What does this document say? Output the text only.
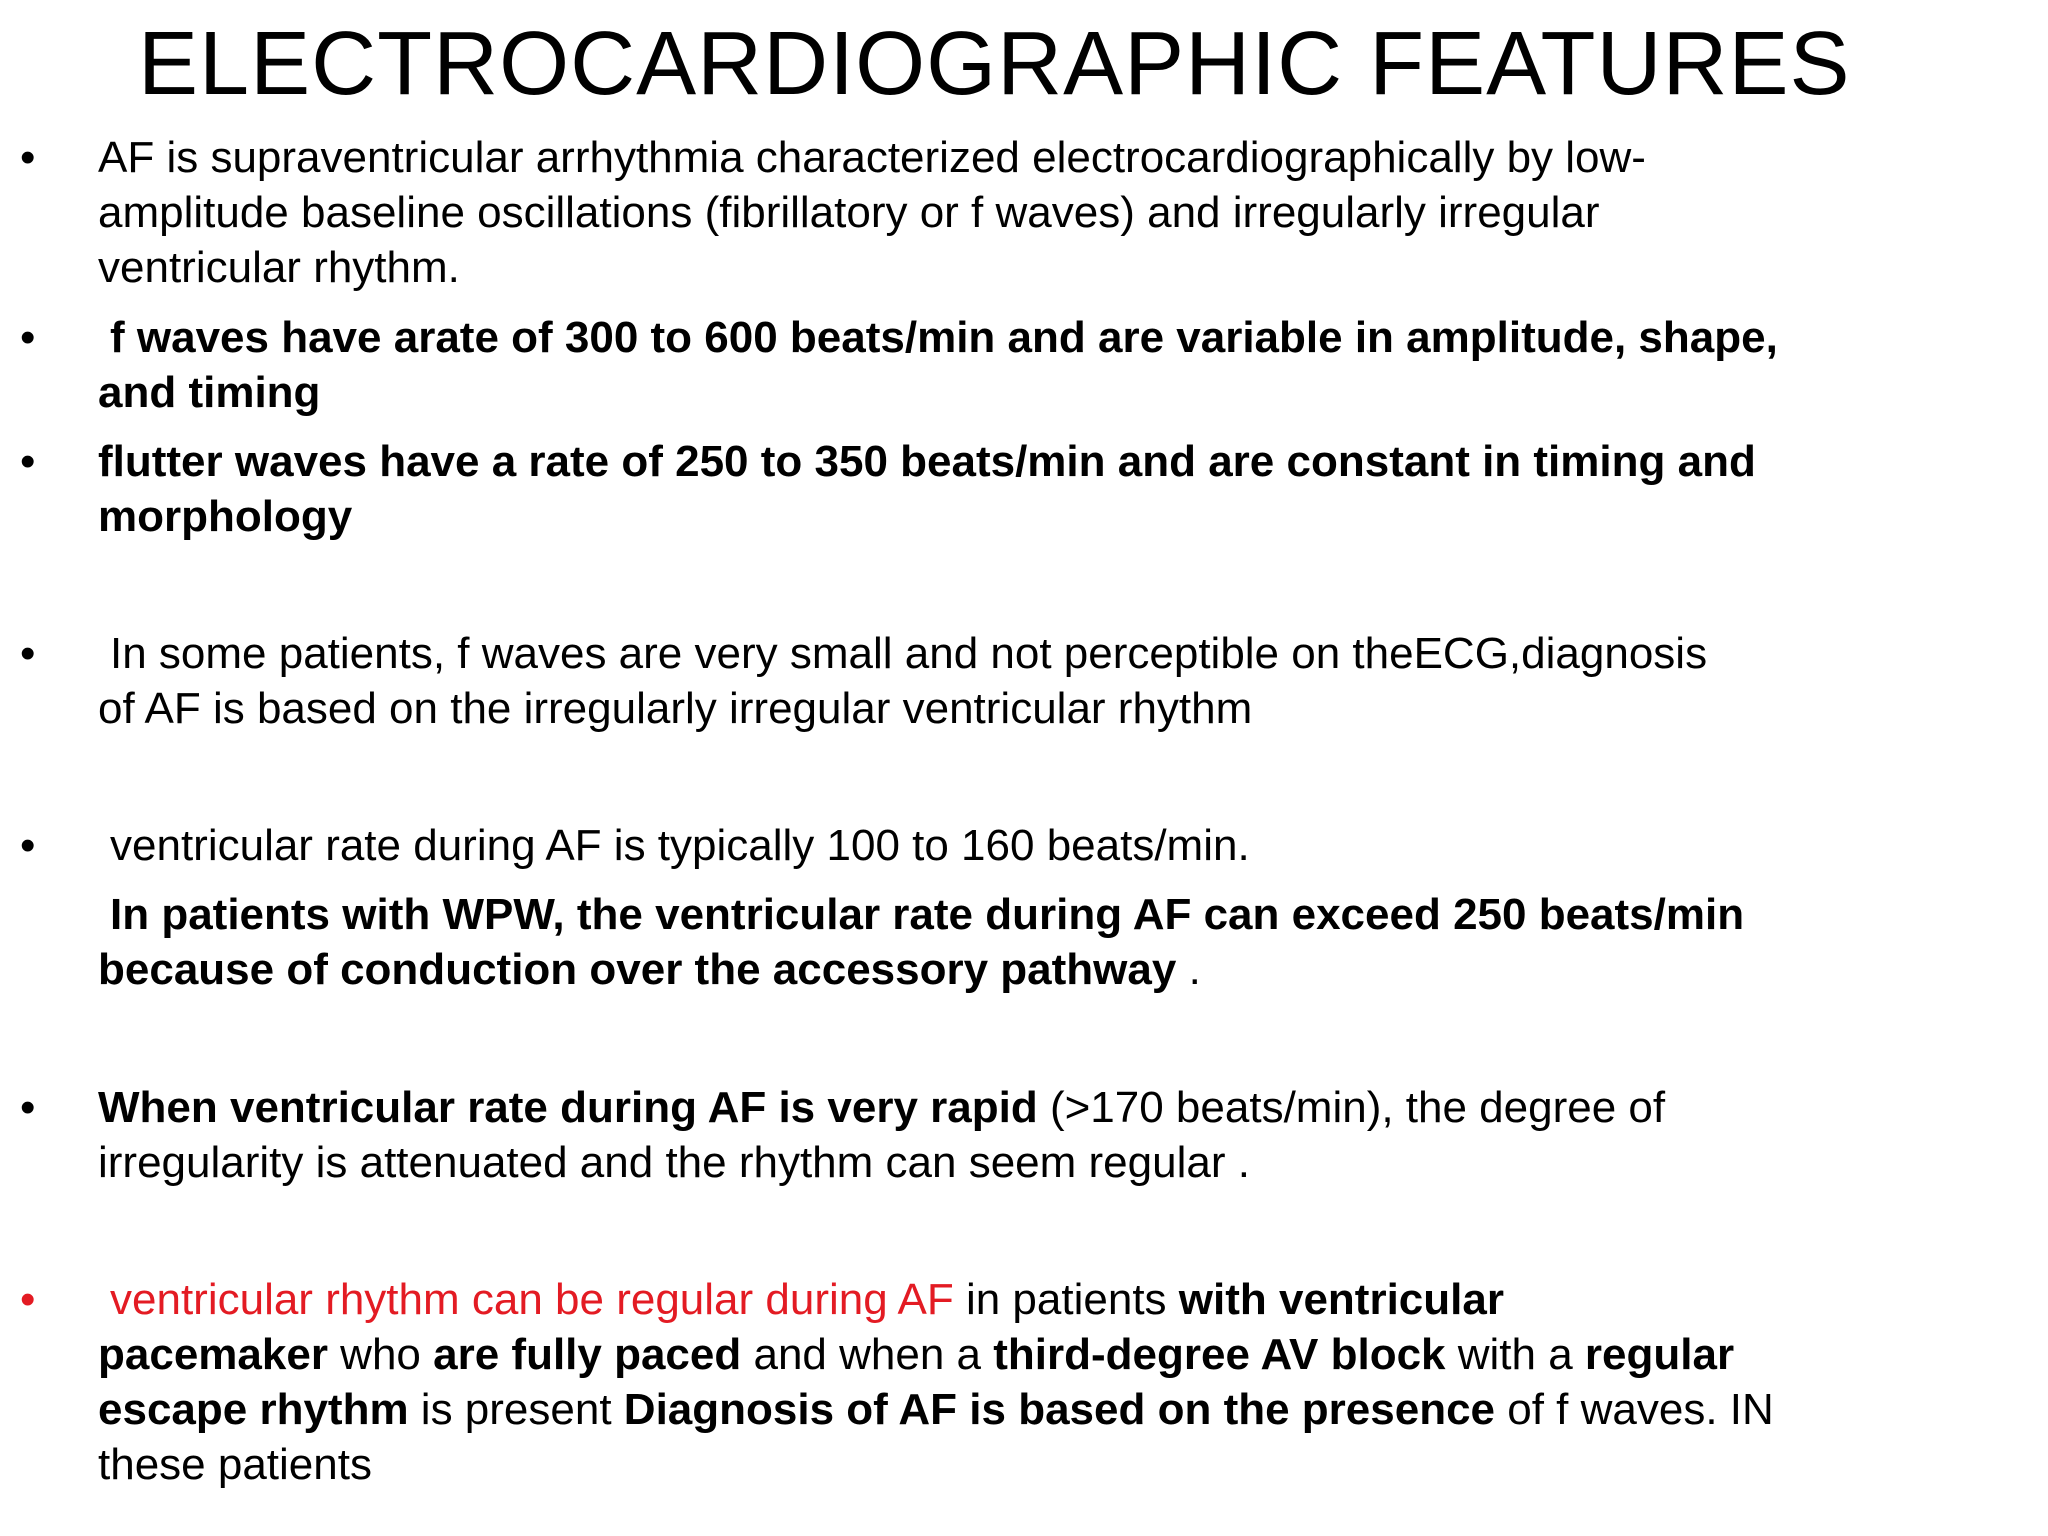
ELECTROCARDIOGRAPHIC FEATURES
•	AF is supraventricular arrhythmia characterized electrocardiographically by low-
amplitude baseline oscillations (fibrillatory or f waves) and irregularly irregular
ventricular rhythm.
•	f waves have arate of 300 to 600 beats/min and are variable in amplitude, shape,
and timing
•	flutter waves have a rate of 250 to 350 beats/min and are constant in timing and
morphology
•	In some patients, f waves are very small and not perceptible on theECG,diagnosis
of AF is based on the irregularly irregular ventricular rhythm
•	ventricular rate during AF is typically 100 to 160 beats/min.
In patients with WPW, the ventricular rate during AF can exceed 250 beats/min
because of conduction over the accessory pathway .
•	When ventricular rate during AF is very rapid (>170 beats/min), the degree of
irregularity is attenuated and the rhythm can seem regular .
•	ventricular rhythm can be regular during AF in patients with ventricular
pacemaker who are fully paced and when a third-degree AV block with a regular
escape rhythm is present Diagnosis of AF is based on the presence of f waves. IN
these patients
